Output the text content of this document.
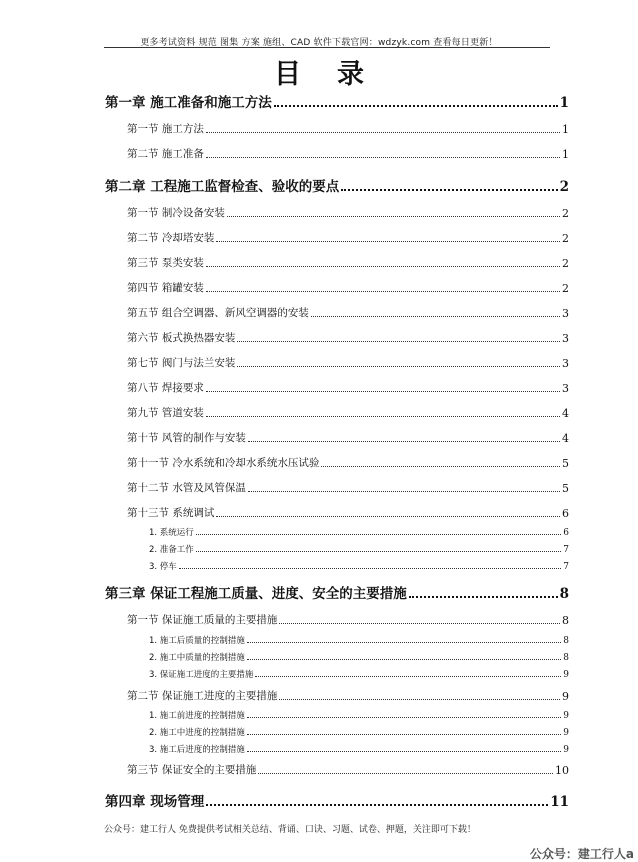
更多考试资料 规范 图集 方案 施组、CAD 软件下载官网：wdzyk.com 查看每日更新！
目录
第一章 施工准备和施工方法	1
第一节 施工方法	1
第二节 施工准备	1
第二章 工程施工监督检查、验收的要点	2
第一节 制冷设备安装	2
第二节 冷却塔安装	2
第三节 泵类安装	2
第四节 箱罐安装	2
第五节 组合空调器、新风空调器的安装	3
第六节 板式换热器安装	3
第七节 阀门与法兰安装	3
第八节 焊接要求	3
第九节 管道安装	4
第十节 风管的制作与安装	4
第十一节 冷水系统和冷却水系统水压试验	5
第十二节 水管及风管保温	5
第十三节 系统调试	6
1. 系统运行	6
2. 准备工作	7
3. 停车	7
第三章 保证工程施工质量、进度、安全的主要措施	8
第一节 保证施工质量的主要措施	8
1. 施工后质量的控制措施	8
2. 施工中质量的控制措施	8
3. 保证施工进度的主要措施	9
第二节 保证施工进度的主要措施	9
1. 施工前进度的控制措施	9
2. 施工中进度的控制措施	9
3. 施工后进度的控制措施	9
第三节 保证安全的主要措施	10
第四章 现场管理	11
公众号：建工行人 免费提供考试相关总结、背诵、口诀、习题、试卷、押题，关注即可下载！
公众号：建工行人a
